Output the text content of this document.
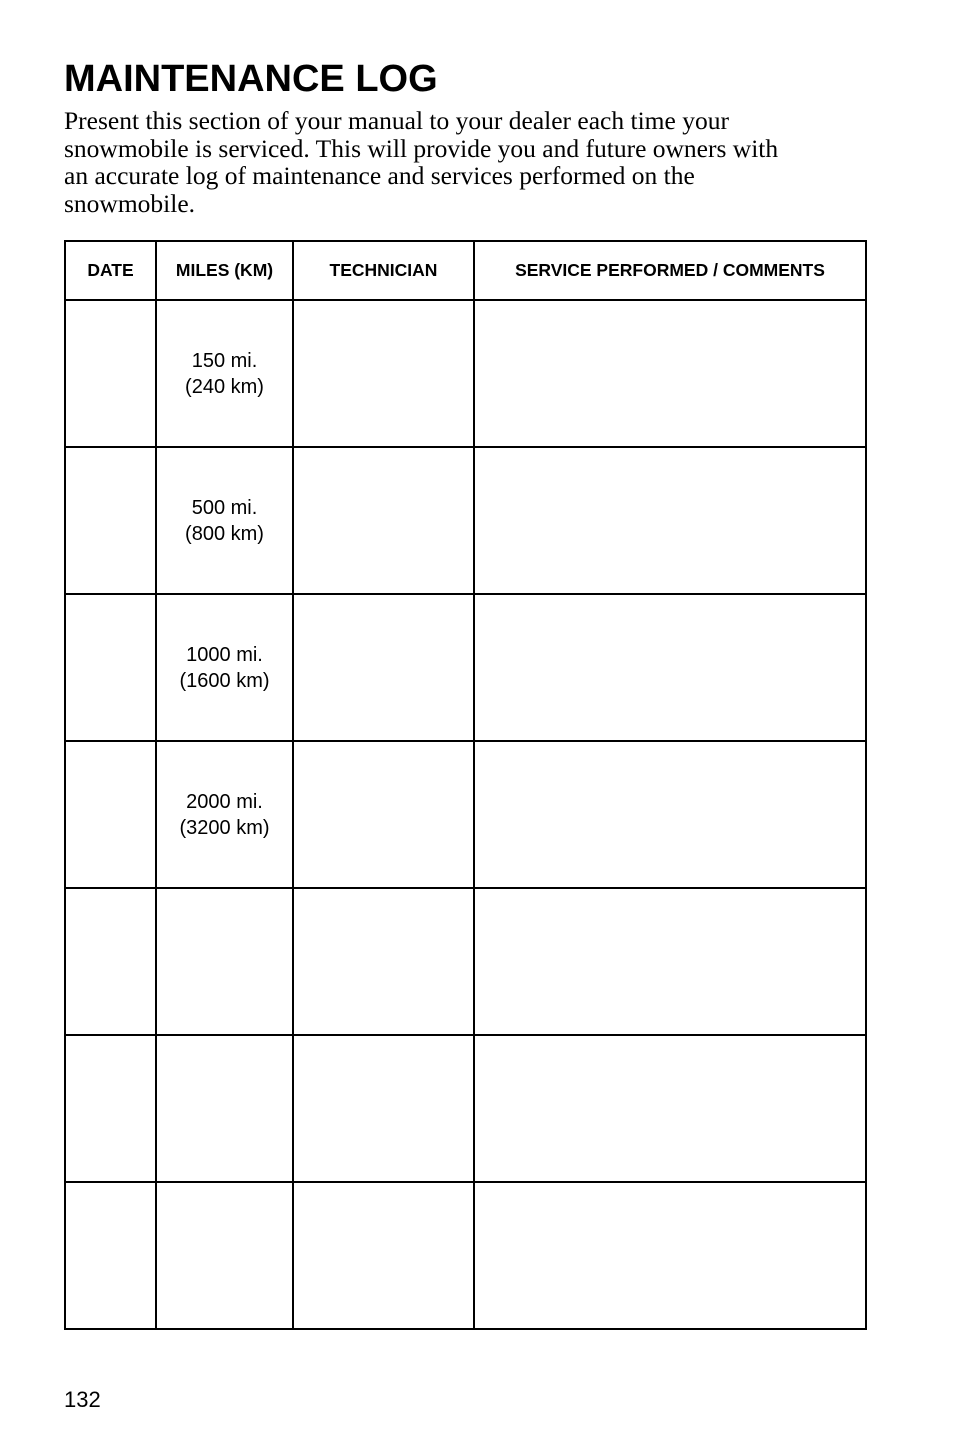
MAINTENANCE LOG

Present this section of your manual to your dealer each time your
snowmobile is serviced. This will provide you and future owners with
an accurate log of maintenance and services performed on the
snowmobile.

DATE	MILES (KM)	TECHNICIAN	SERVICE PERFORMED / COMMENTS

	150 mi.
(240 km)		

	500 mi.
(800 km)		

	1000 mi.
(1600 km)		

	2000 mi.
(3200 km)		

132
